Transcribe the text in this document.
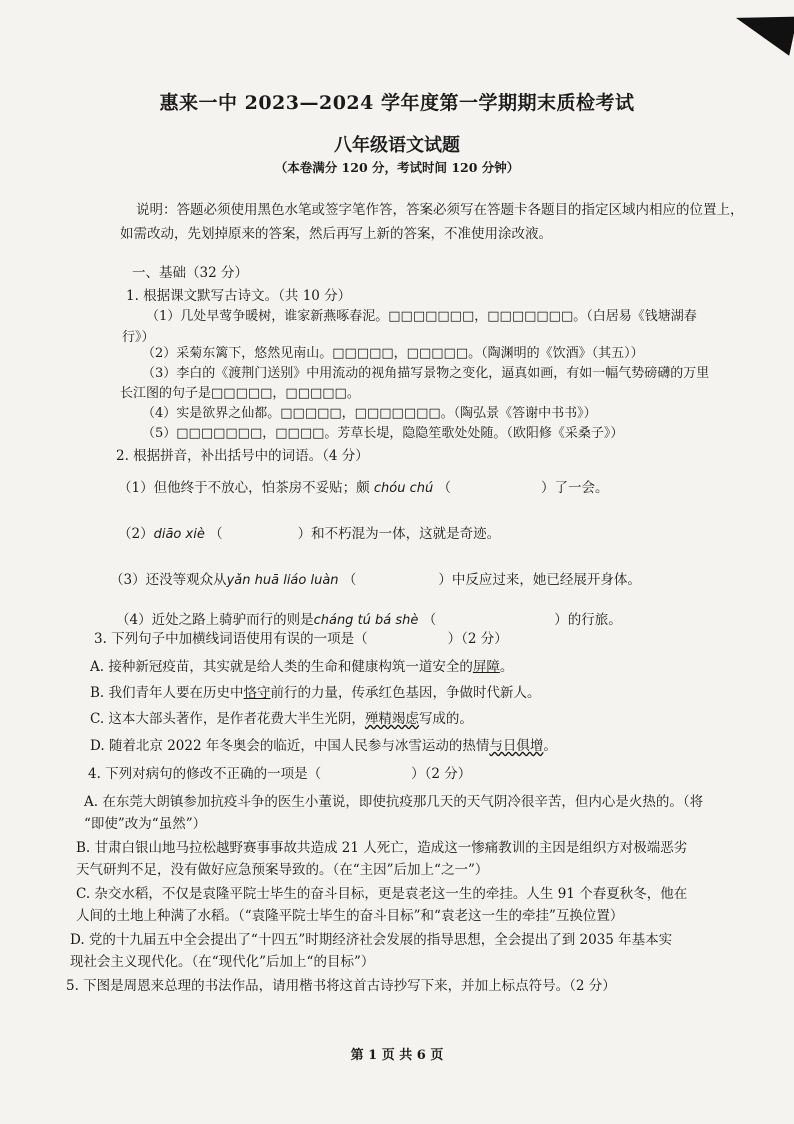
惠来一中 2023—2024 学年度第一学期期末质检考试
八年级语文试题
（本卷满分 120 分，考试时间 120 分钟）
说明：答题必须使用黑色水笔或签字笔作答，答案必须写在答题卡各题目的指定区域内相应的位置上，
如需改动，先划掉原来的答案，然后再写上新的答案，不准使用涂改液。
一、基础（32 分）
1. 根据课文默写古诗文。（共 10 分）
（1）几处早莺争暖树，谁家新燕啄春泥。□□□□□□□，□□□□□□□。（白居易《钱塘湖春
行》）
（2）采菊东篱下，悠然见南山。□□□□□，□□□□□。（陶渊明的《饮酒》（其五））
（3）李白的《渡荆门送别》中用流动的视角描写景物之变化，逼真如画，有如一幅气势磅礴的万里
长江图的句子是□□□□□，□□□□□。
（4）实是欲界之仙都。□□□□□，□□□□□□□。（陶弘景《答谢中书书》）
（5）□□□□□□□，□□□□。芳草长堤，隐隐笙歌处处随。（欧阳修《采桑子》）
2. 根据拼音，补出括号中的词语。（4 分）
（1）但他终于不放心，怕茶房不妥贴；颇 chóu chú （	）了一会。
（2）diāo xiè （	）和不朽混为一体，这就是奇迹。
（3）还没等观众从yǎn huā liáo luàn （	）中反应过来，她已经展开身体。
（4）近处之路上骑驴而行的则是cháng tú bá shè （	）的行旅。
3. 下列句子中加横线词语使用有误的一项是（	）（2 分）
A. 接种新冠疫苗，其实就是给人类的生命和健康构筑一道安全的屏障。
B. 我们青年人要在历史中恪守前行的力量，传承红色基因，争做时代新人。
C. 这本大部头著作，是作者花费大半生光阴，殚精竭虑写成的。
D. 随着北京 2022 年冬奥会的临近，中国人民参与冰雪运动的热情与日俱增。
4. 下列对病句的修改不正确的一项是（	）（2 分）
A. 在东莞大朗镇参加抗疫斗争的医生小董说，即使抗疫那几天的天气阴冷很辛苦，但内心是火热的。（将
“即使”改为“虽然”）
B. 甘肃白银山地马拉松越野赛事事故共造成 21 人死亡，造成这一惨痛教训的主因是组织方对极端恶劣
天气研判不足，没有做好应急预案导致的。（在“主因”后加上“之一”）
C. 杂交水稻，不仅是袁隆平院士毕生的奋斗目标，更是袁老这一生的牵挂。人生 91 个春夏秋冬，他在
人间的土地上种满了水稻。（“袁隆平院士毕生的奋斗目标”和“袁老这一生的牵挂”互换位置）
D. 党的十九届五中全会提出了“十四五”时期经济社会发展的指导思想，全会提出了到 2035 年基本实
现社会主义现代化。（在“现代化”后加上“的目标”）
5. 下图是周恩来总理的书法作品，请用楷书将这首古诗抄写下来，并加上标点符号。（2 分）
第 1 页 共 6 页
